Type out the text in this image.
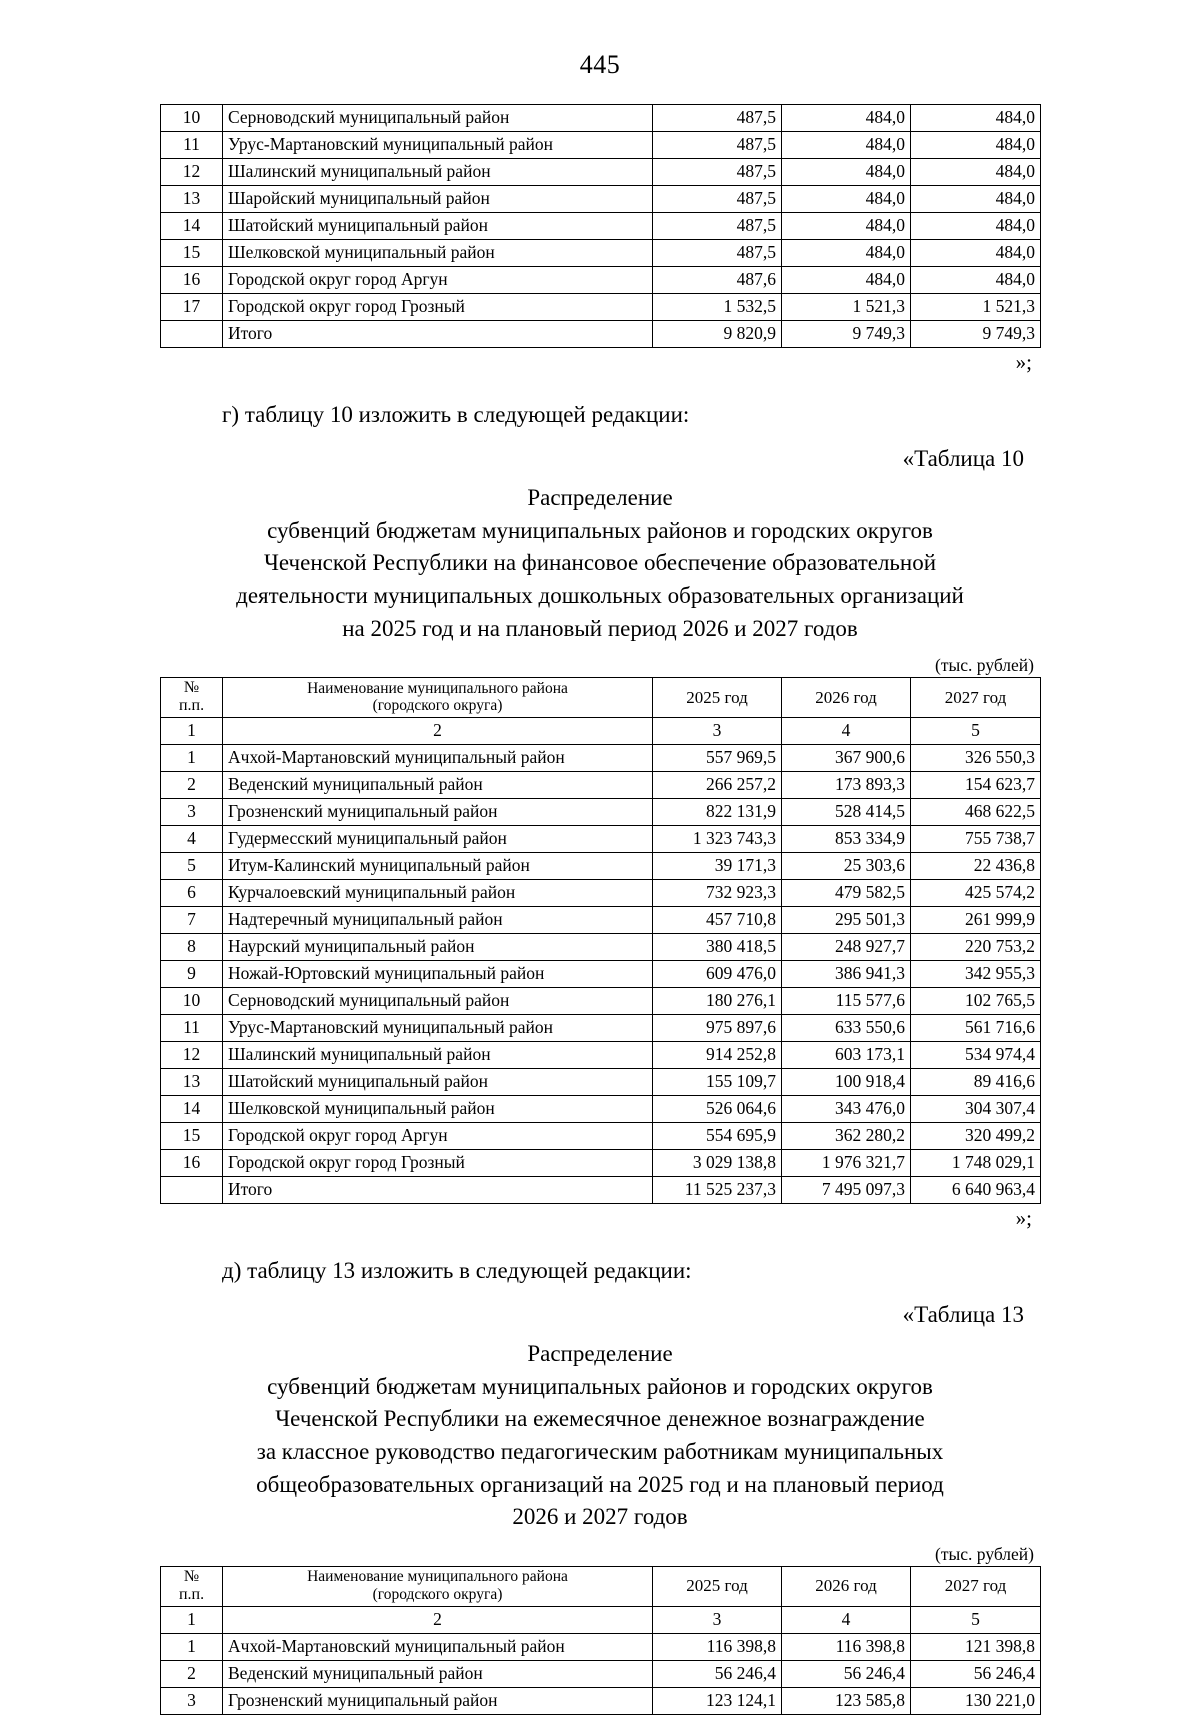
445
10	Серноводский муниципальный район	487,5	484,0	484,0
11	Урус-Мартановский муниципальный район	487,5	484,0	484,0
12	Шалинский муниципальный район	487,5	484,0	484,0
13	Шаройский муниципальный район	487,5	484,0	484,0
14	Шатойский муниципальный район	487,5	484,0	484,0
15	Шелковской муниципальный район	487,5	484,0	484,0
16	Городской округ город Аргун	487,6	484,0	484,0
17	Городской округ город Грозный	1 532,5	1 521,3	1 521,3
	Итого	9 820,9	9 749,3	9 749,3
»;
г) таблицу 10 изложить в следующей редакции:
«Таблица 10
Распределение
субвенций бюджетам муниципальных районов и городских округов
Чеченской Республики на финансовое обеспечение образовательной
деятельности муниципальных дошкольных образовательных организаций
на 2025 год и на плановый период 2026 и 2027 годов
(тыс. рублей)
№
п.п.	Наименование муниципального района
(городского округа)	2025 год	2026 год	2027 год
1	2	3	4	5
1	Ачхой-Мартановский муниципальный район	557 969,5	367 900,6	326 550,3
2	Веденский муниципальный район	266 257,2	173 893,3	154 623,7
3	Грозненский муниципальный район	822 131,9	528 414,5	468 622,5
4	Гудермесский муниципальный район	1 323 743,3	853 334,9	755 738,7
5	Итум-Калинский муниципальный район	39 171,3	25 303,6	22 436,8
6	Курчалоевский муниципальный район	732 923,3	479 582,5	425 574,2
7	Надтеречный муниципальный район	457 710,8	295 501,3	261 999,9
8	Наурский муниципальный район	380 418,5	248 927,7	220 753,2
9	Ножай-Юртовский муниципальный район	609 476,0	386 941,3	342 955,3
10	Серноводский муниципальный район	180 276,1	115 577,6	102 765,5
11	Урус-Мартановский муниципальный район	975 897,6	633 550,6	561 716,6
12	Шалинский муниципальный район	914 252,8	603 173,1	534 974,4
13	Шатойский муниципальный район	155 109,7	100 918,4	89 416,6
14	Шелковской муниципальный район	526 064,6	343 476,0	304 307,4
15	Городской округ город Аргун	554 695,9	362 280,2	320 499,2
16	Городской округ город Грозный	3 029 138,8	1 976 321,7	1 748 029,1
	Итого	11 525 237,3	7 495 097,3	6 640 963,4
»;
д) таблицу 13 изложить в следующей редакции:
«Таблица 13
Распределение
субвенций бюджетам муниципальных районов и городских округов
Чеченской Республики на ежемесячное денежное вознаграждение
за классное руководство педагогическим работникам муниципальных
общеобразовательных организаций на 2025 год и на плановый период
2026 и 2027 годов
(тыс. рублей)
№
п.п.	Наименование муниципального района
(городского округа)	2025 год	2026 год	2027 год
1	2	3	4	5
1	Ачхой-Мартановский муниципальный район	116 398,8	116 398,8	121 398,8
2	Веденский муниципальный район	56 246,4	56 246,4	56 246,4
3	Грозненский муниципальный район	123 124,1	123 585,8	130 221,0
